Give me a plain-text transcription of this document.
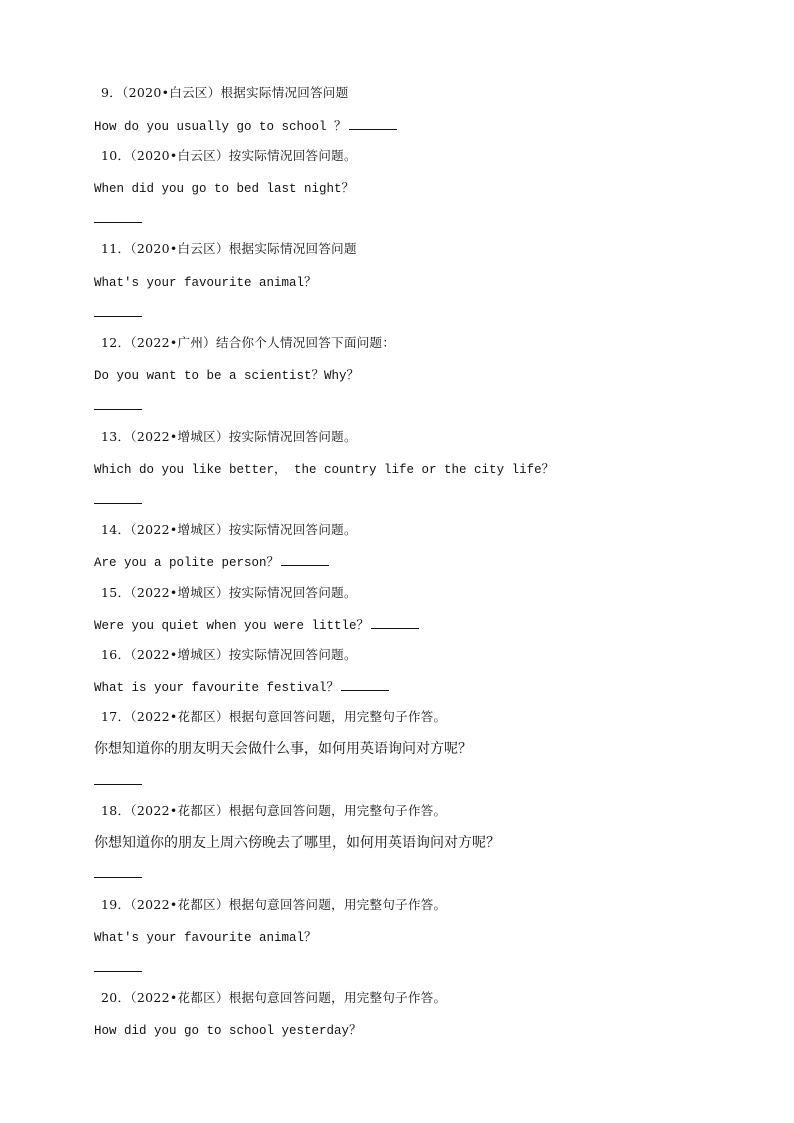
9．（2020•白云区）根据实际情况回答问题
How do you usually go to school ？
10．（2020•白云区）按实际情况回答问题。
When did you go to bed last night？
11．（2020•白云区）根据实际情况回答问题
What's your favourite animal？
12．（2022•广州）结合你个人情况回答下面问题：
Do you want to be a scientist？Why？
13．（2022•增城区）按实际情况回答问题。
Which do you like better， the country life or the city life？
14．（2022•增城区）按实际情况回答问题。
Are you a polite person？
15．（2022•增城区）按实际情况回答问题。
Were you quiet when you were little？
16．（2022•增城区）按实际情况回答问题。
What is your favourite festival？
17．（2022•花都区）根据句意回答问题，用完整句子作答。
你想知道你的朋友明天会做什么事，如何用英语询问对方呢？
18．（2022•花都区）根据句意回答问题，用完整句子作答。
你想知道你的朋友上周六傍晚去了哪里，如何用英语询问对方呢？
19．（2022•花都区）根据句意回答问题，用完整句子作答。
What's your favourite animal？
20．（2022•花都区）根据句意回答问题，用完整句子作答。
How did you go to school yesterday？
